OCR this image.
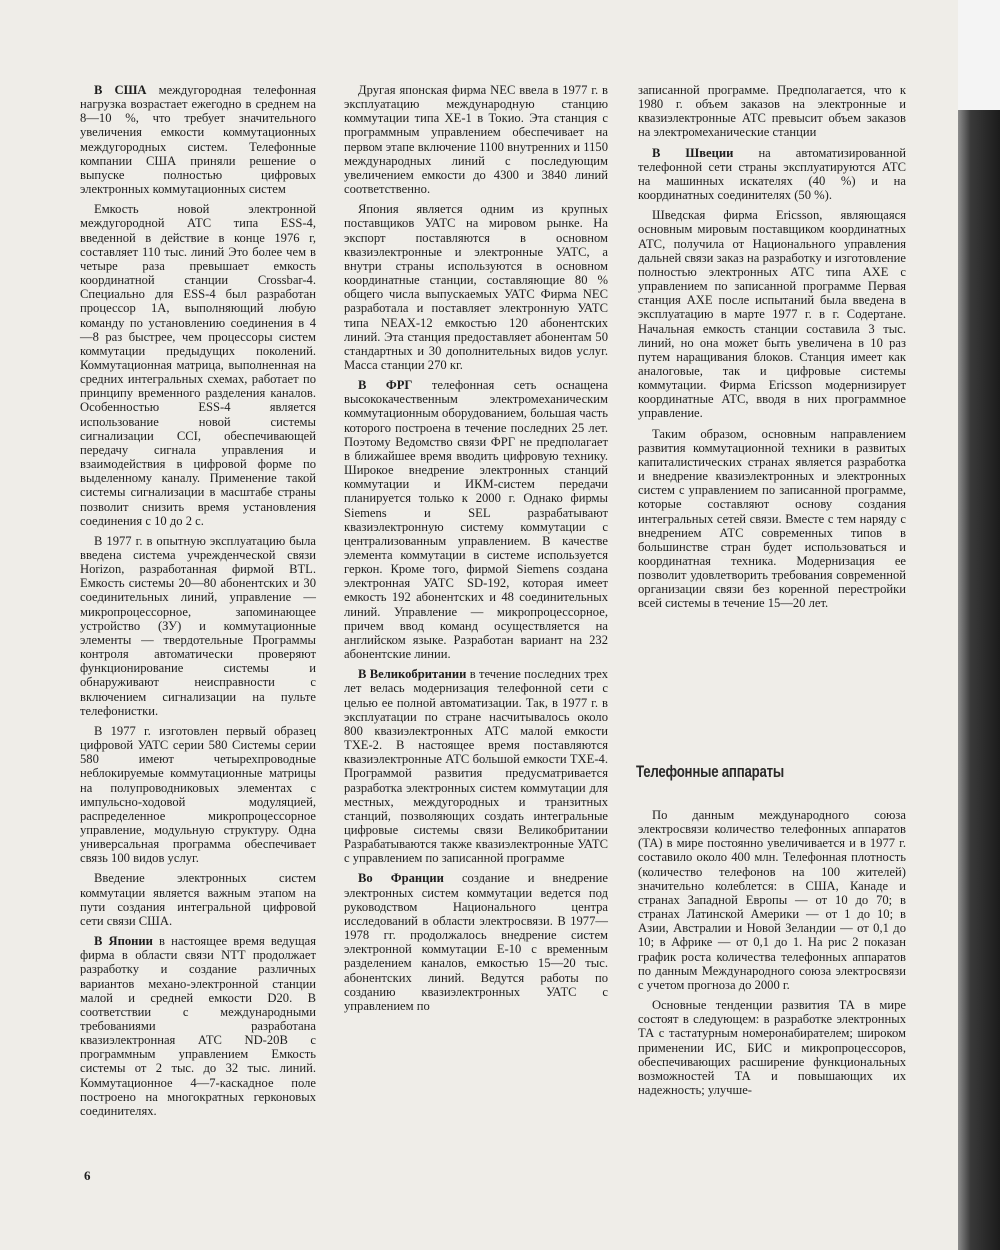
В США междугородная телефонная нагрузка возрастает ежегодно в среднем на 8—10 %, что требует значительного увеличения емкости коммутационных междугородных систем. Телефонные компании США приняли решение о выпуске полностью цифровых электронных коммутационных систем

Емкость новой электронной междугородной АТС типа ESS-4, введенной в действие в конце 1976 г, составляет 110 тыс. линий Это более чем в четыре раза превышает емкость координатной станции Crossbar-4. Специально для ESS-4 был разработан процессор 1А, выполняющий любую команду по установлению соединения в 4—8 раз быстрее, чем процессоры систем коммутации предыдущих поколений. Коммутационная матрица, выполненная на средних интегральных схемах, работает по принципу временного разделения каналов. Особенностью ESS-4 является использование новой системы сигнализации CCI, обеспечивающей передачу сигнала управления и взаимодействия в цифровой форме по выделенному каналу. Применение такой системы сигнализации в масштабе страны позволит снизить время установления соединения с 10 до 2 с.

В 1977 г. в опытную эксплуатацию была введена система учрежденческой связи Horizon, разработанная фирмой BTL. Емкость системы 20—80 абонентских и 30 соединительных линий, управление — микропроцессорное, запоминающее устройство (ЗУ) и коммутационные элементы — твердотельные Программы контроля автоматически проверяют функционирование системы и обнаруживают неисправности с включением сигнализации на пульте телефонистки.

В 1977 г. изготовлен первый образец цифровой УАТС серии 580 Системы серии 580 имеют четырехпроводные неблокируемые коммутационные матрицы на полупроводниковых элементах с импульсно-ходовой модуляцией, распределенное микропроцессорное управление, модульную структуру. Одна универсальная программа обеспечивает связь 100 видов услуг.

Введение электронных систем коммутации является важным этапом на пути создания интегральной цифровой сети связи США.

В Японии в настоящее время ведущая фирма в области связи NTT продолжает разработку и создание различных вариантов механо-электронной станции малой и средней емкости D20. В соответствии с международными требованиями разработана квазиэлектронная АТС ND-20B с программным управлением Емкость системы от 2 тыс. до 32 тыс. линий. Коммутационное 4—7-каскадное поле построено на многократных герконовых соединителях.

Другая японская фирма NEC ввела в 1977 г. в эксплуатацию международную станцию коммутации типа XE-1 в Токио. Эта станция с программным управлением обеспечивает на первом этапе включение 1100 внутренних и 1150 международных линий с последующим увеличением емкости до 4300 и 3840 линий соответственно.

Япония является одним из крупных поставщиков УАТС на мировом рынке. На экспорт поставляются в основном квазиэлектронные и электронные УАТС, а внутри страны используются в основном координатные станции, составляющие 80 % общего числа выпускаемых УАТС Фирма NEC разработала и поставляет электронную УАТС типа NEAX-12 емкостью 120 абонентских линий. Эта станция предоставляет абонентам 50 стандартных и 30 дополнительных видов услуг. Масса станции 270 кг.

В ФРГ телефонная сеть оснащена высококачественным электромеханическим коммутационным оборудованием, большая часть которого построена в течение последних 25 лет. Поэтому Ведомство связи ФРГ не предполагает в ближайшее время вводить цифровую технику. Широкое внедрение электронных станций коммутации и ИКМ-систем передачи планируется только к 2000 г. Однако фирмы Siemens и SEL разрабатывают квазиэлектронную систему коммутации с централизованным управлением. В качестве элемента коммутации в системе используется геркон. Кроме того, фирмой Siemens создана электронная УАТС SD-192, которая имеет емкость 192 абонентских и 48 соединительных линий. Управление — микропроцессорное, причем ввод команд осуществляется на английском языке. Разработан вариант на 232 абонентские линии.

В Великобритании в течение последних трех лет велась модернизация телефонной сети с целью ее полной автоматизации. Так, в 1977 г. в эксплуатации по стране насчитывалось около 800 квазиэлектронных АТС малой емкости ТХЕ-2. В настоящее время поставляются квазиэлектронные АТС большой емкости ТХЕ-4. Программой развития предусматривается разработка электронных систем коммутации для местных, междугородных и транзитных станций, позволяющих создать интегральные цифровые системы связи Великобритании Разрабатываются также квазиэлектронные УАТС с управлением по записанной программе

Во Франции создание и внедрение электронных систем коммутации ведется под руководством Национального центра исследований в области электросвязи. В 1977—1978 гг. продолжалось внедрение систем электронной коммутации Е-10 с временным разделением каналов, емкостью 15—20 тыс. абонентских линий. Ведутся работы по созданию квазиэлектронных УАТС с управлением по

записанной программе. Предполагается, что к 1980 г. объем заказов на электронные и квазиэлектронные АТС превысит объем заказов на электромеханические станции

В Швеции на автоматизированной телефонной сети страны эксплуатируются АТС на машинных искателях (40 %) и на координатных соединителях (50 %).

Шведская фирма Ericsson, являющаяся основным мировым поставщиком координатных АТС, получила от Национального управления дальней связи заказ на разработку и изготовление полностью электронных АТС типа АХЕ с управлением по записанной программе Первая станция АХЕ после испытаний была введена в эксплуатацию в марте 1977 г. в г. Содертане. Начальная емкость станции составила 3 тыс. линий, но она может быть увеличена в 10 раз путем наращивания блоков. Станция имеет как аналоговые, так и цифровые системы коммутации. Фирма Ericsson модернизирует координатные АТС, вводя в них программное управление.

Таким образом, основным направлением развития коммутационной техники в развитых капиталистических странах является разработка и внедрение квазиэлектронных и электронных систем с управлением по записанной программе, которые составляют основу создания интегральных сетей связи. Вместе с тем наряду с внедрением АТС современных типов в большинстве стран будет использоваться и координатная техника. Модернизация ее позволит удовлетворить требования современной организации связи без коренной перестройки всей системы в течение 15—20 лет.

Телефонные аппараты

По данным международного союза электросвязи количество телефонных аппаратов (ТА) в мире постоянно увеличивается и в 1977 г. составило около 400 млн. Телефонная плотность (количество телефонов на 100 жителей) значительно колеблется: в США, Канаде и странах Западной Европы — от 10 до 70; в странах Латинской Америки — от 1 до 10; в Азии, Австралии и Новой Зеландии — от 0,1 до 10; в Африке — от 0,1 до 1. На рис 2 показан график роста количества телефонных аппаратов по данным Международного союза электросвязи с учетом прогноза до 2000 г.

Основные тенденции развития ТА в мире состоят в следующем: в разработке электронных ТА с тастатурным номеронабирателем; широком применении ИС, БИС и микропроцессоров, обеспечивающих расширение функциональных возможностей ТА и повышающих их надежность; улучше-

6
